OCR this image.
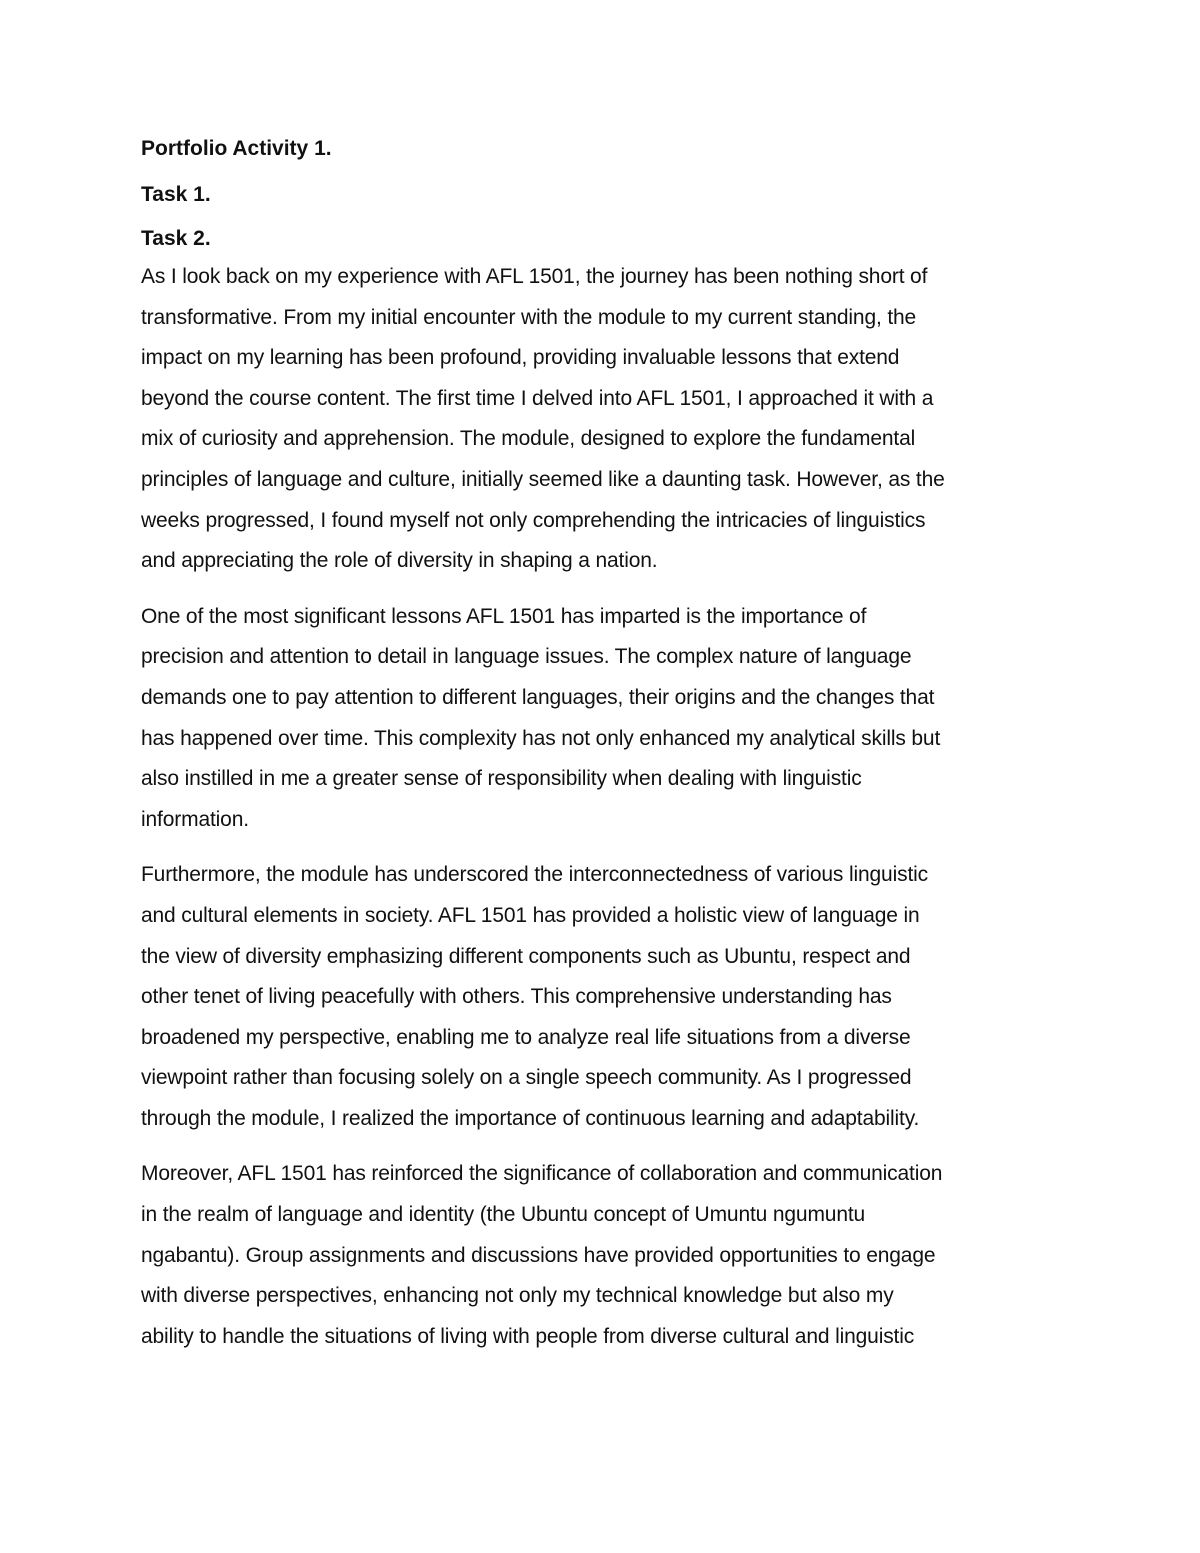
Portfolio Activity 1.

Task 1.

Task 2.

As I look back on my experience with AFL 1501, the journey has been nothing short of
transformative. From my initial encounter with the module to my current standing, the
impact on my learning has been profound, providing invaluable lessons that extend
beyond the course content. The first time I delved into AFL 1501, I approached it with a
mix of curiosity and apprehension. The module, designed to explore the fundamental
principles of language and culture, initially seemed like a daunting task. However, as the
weeks progressed, I found myself not only comprehending the intricacies of linguistics
and appreciating the role of diversity in shaping a nation.

One of the most significant lessons AFL 1501 has imparted is the importance of
precision and attention to detail in language issues. The complex nature of language
demands one to pay attention to different languages, their origins and the changes that
has happened over time. This complexity has not only enhanced my analytical skills but
also instilled in me a greater sense of responsibility when dealing with linguistic
information.

Furthermore, the module has underscored the interconnectedness of various linguistic
and cultural elements in society. AFL 1501 has provided a holistic view of language in
the view of diversity emphasizing different components such as Ubuntu, respect and
other tenet of living peacefully with others. This comprehensive understanding has
broadened my perspective, enabling me to analyze real life situations from a diverse
viewpoint rather than focusing solely on a single speech community. As I progressed
through the module, I realized the importance of continuous learning and adaptability.

Moreover, AFL 1501 has reinforced the significance of collaboration and communication
in the realm of language and identity (the Ubuntu concept of Umuntu ngumuntu
ngabantu). Group assignments and discussions have provided opportunities to engage
with diverse perspectives, enhancing not only my technical knowledge but also my
ability to handle the situations of living with people from diverse cultural and linguistic
